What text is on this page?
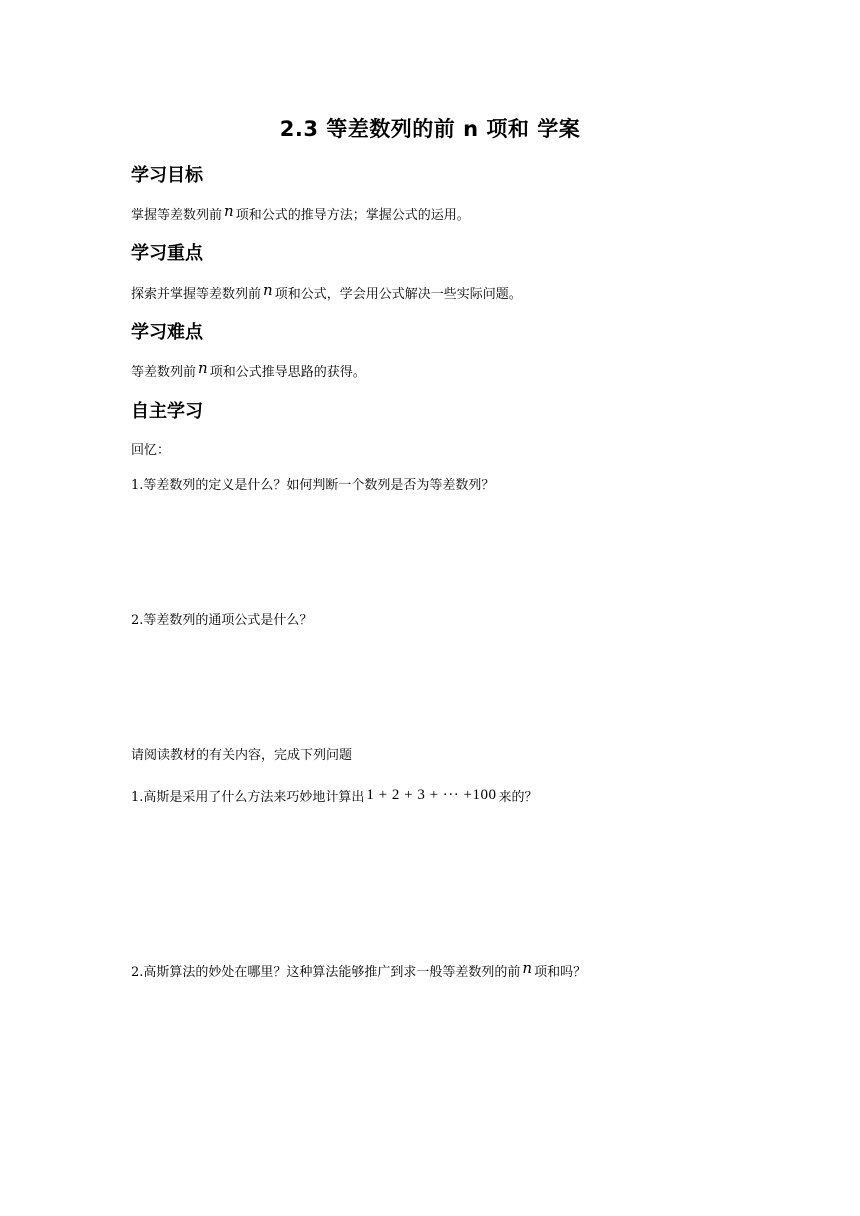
2.3 等差数列的前 n 项和 学案
学习目标
掌握等差数列前 n 项和公式的推导方法；掌握公式的运用。
学习重点
探索并掌握等差数列前 n 项和公式，学会用公式解决一些实际问题。
学习难点
等差数列前 n 项和公式推导思路的获得。
自主学习
回忆：
1.等差数列的定义是什么？如何判断一个数列是否为等差数列？
2.等差数列的通项公式是什么？
请阅读教材的有关内容，完成下列问题
1.高斯是采用了什么方法来巧妙地计算出 1 + 2 + 3 + ··· +100 来的？
2.高斯算法的妙处在哪里？这种算法能够推广到求一般等差数列的前 n 项和吗？
